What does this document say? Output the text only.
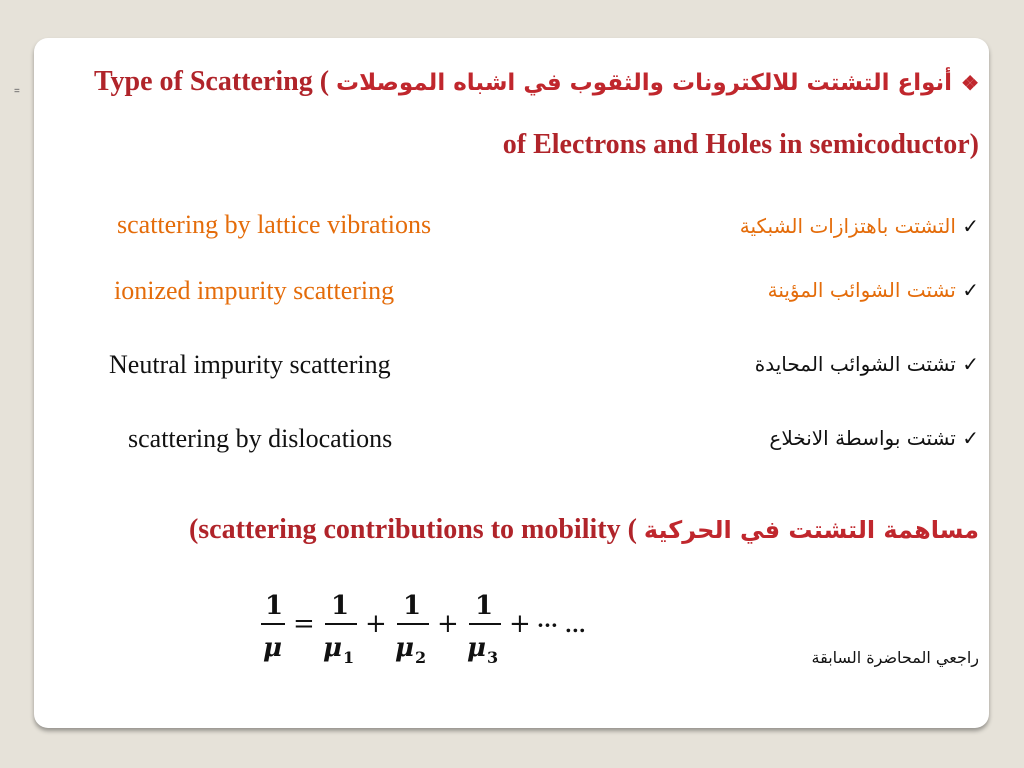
=	Type of Scattering ( أنواع التشتت للالكترونات والثقوب في اشباه الموصلات ❖
of Electrons and Holes in semicoductor)
scattering by lattice vibrations	✓ التشتت باهتزازات الشبكية
ionized impurity scattering	✓ تشتت الشوائب المؤينة
Neutral impurity scattering	✓ تشتت الشوائب المحايدة
scattering by dislocations	✓ تشتت بواسطة الانخلاع
(scattering contributions to mobility ( مساهمة التشتت في الحركية
1
μ
=
1
μ 1
+
1
μ 2
+
1
μ 3
+ ··· ...
راجعي المحاضرة السابقة
